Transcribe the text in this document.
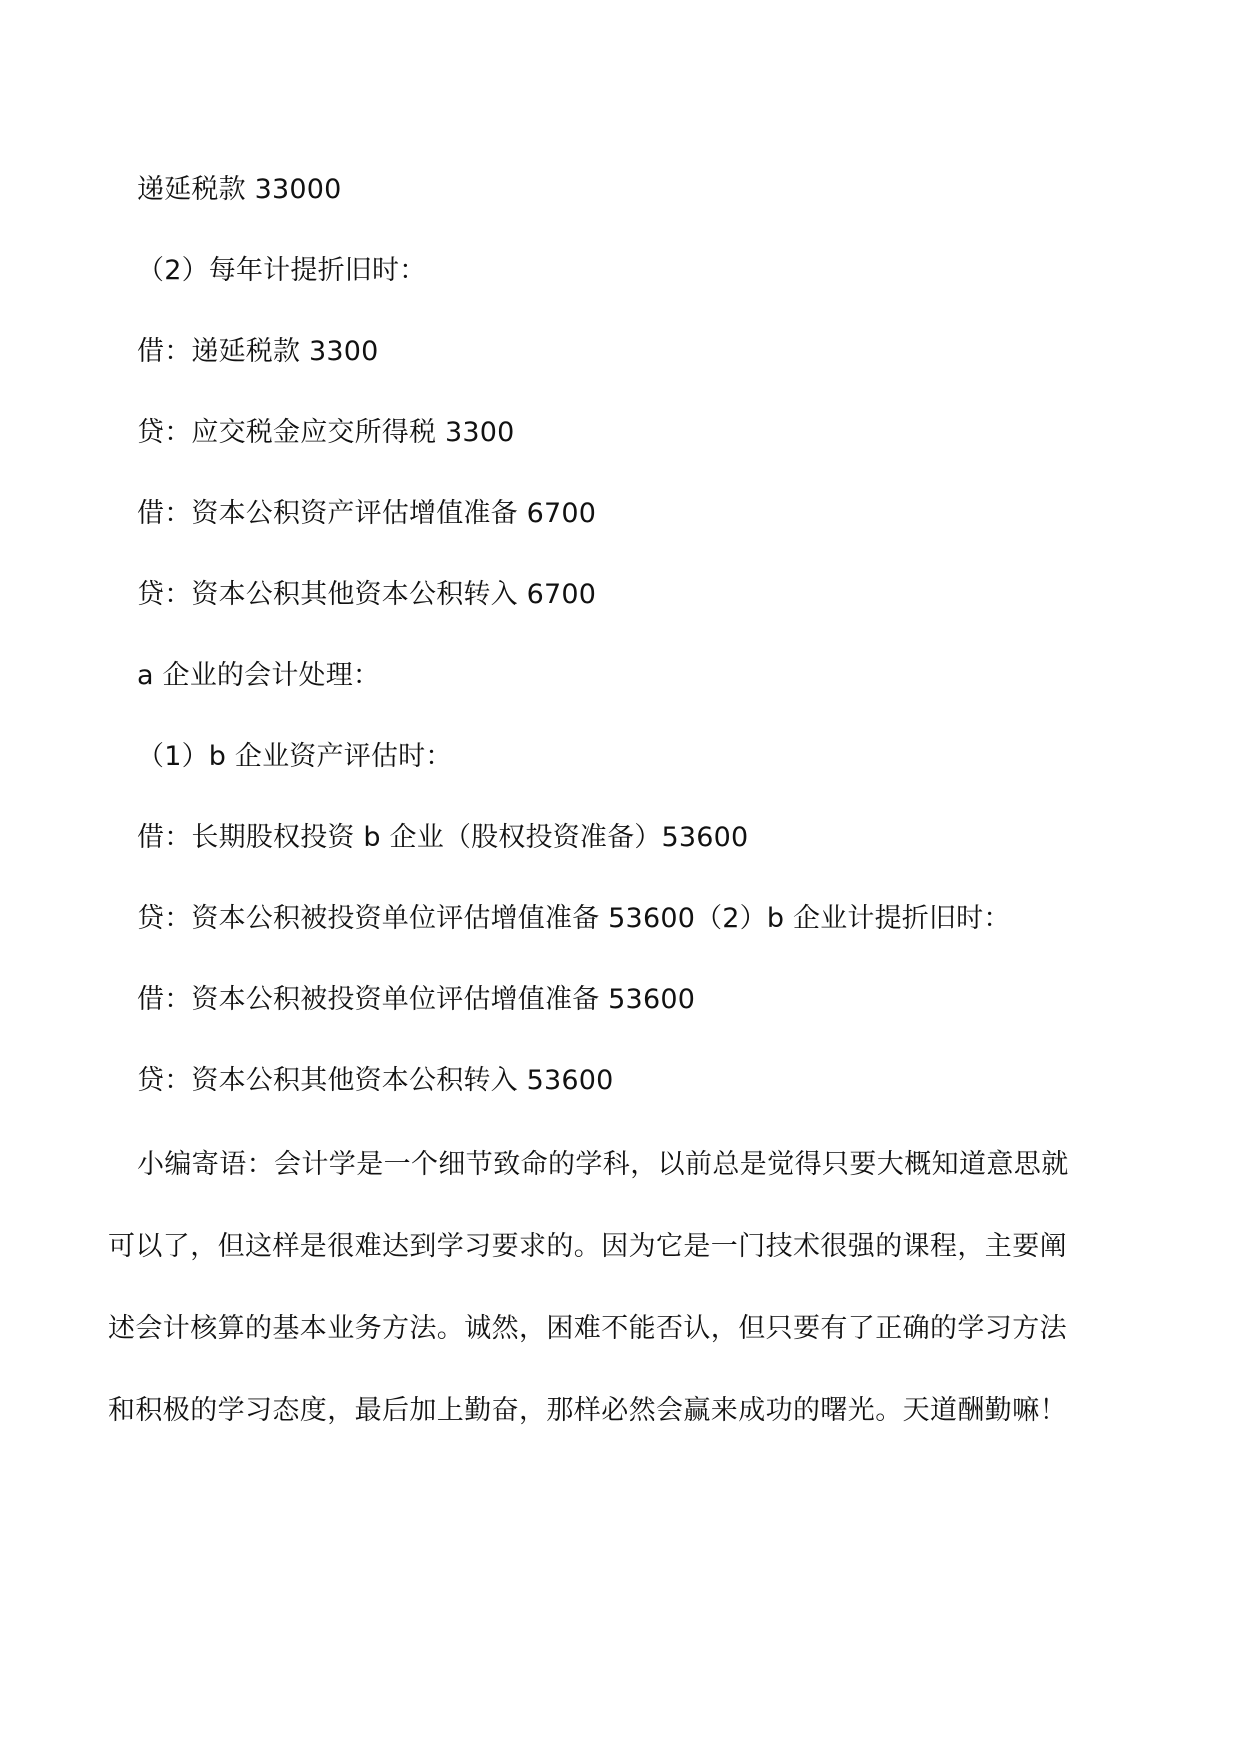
递延税款 33000
（2）每年计提折旧时：
借：递延税款 3300
贷：应交税金应交所得税 3300
借：资本公积资产评估增值准备 6700
贷：资本公积其他资本公积转入 6700
a 企业的会计处理：
（1）b 企业资产评估时：
借：长期股权投资 b 企业（股权投资准备）53600
贷：资本公积被投资单位评估增值准备 53600（2）b 企业计提折旧时：
借：资本公积被投资单位评估增值准备 53600
贷：资本公积其他资本公积转入 53600
小编寄语：会计学是一个细节致命的学科，以前总是觉得只要大概知道意思就
可以了，但这样是很难达到学习要求的。因为它是一门技术很强的课程，主要阐
述会计核算的基本业务方法。诚然，困难不能否认，但只要有了正确的学习方法
和积极的学习态度，最后加上勤奋，那样必然会赢来成功的曙光。天道酬勤嘛！
